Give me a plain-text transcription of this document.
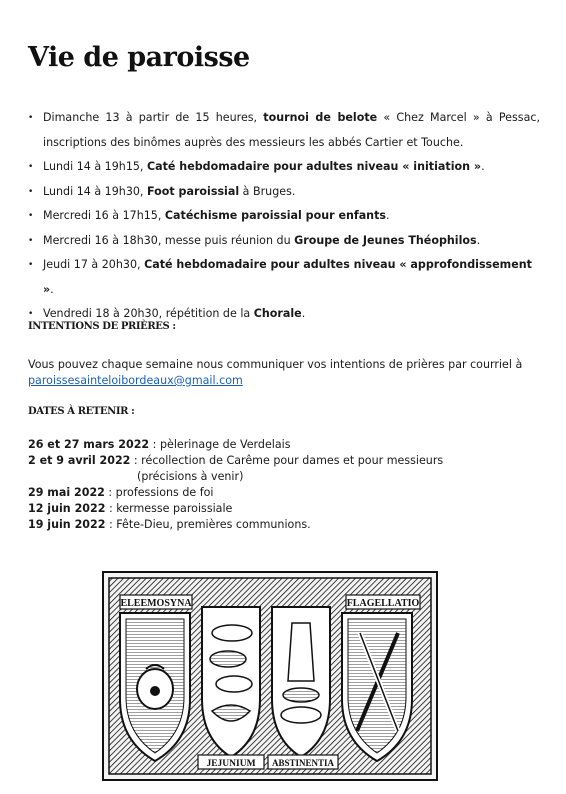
Vie de paroisse
• Dimanche 13 à partir de 15 heures, tournoi de belote « Chez Marcel » à Pessac, inscriptions des binômes auprès des messieurs les abbés Cartier et Touche.
• Lundi 14 à 19h15, Caté hebdomadaire pour adultes niveau « initiation ».
• Lundi 14 à 19h30, Foot paroissial à Bruges.
• Mercredi 16 à 17h15, Catéchisme paroissial pour enfants.
• Mercredi 16 à 18h30, messe puis réunion du Groupe de Jeunes Théophilos.
• Jeudi 17 à 20h30, Caté hebdomadaire pour adultes niveau « approfondissement ».
• Vendredi 18 à 20h30, répétition de la Chorale.
INTENTIONS DE PRIÈRES :

Vous pouvez chaque semaine nous communiquer vos intentions de prières par courriel à
paroissesainteloibordeaux@gmail.com

DATES À RETENIR :
26 et 27 mars 2022 : pèlerinage de Verdelais
2 et 9 avril 2022 : récollection de Carême pour dames et pour messieurs
(précisions à venir)
29 mai 2022 : professions de foi
12 juin 2022 : kermesse paroissiale
19 juin 2022 : Fête-Dieu, premières communions.
ELEEMOSYNA	FLAGELLATIO
JEJUNIUM ABSTINENTIA
